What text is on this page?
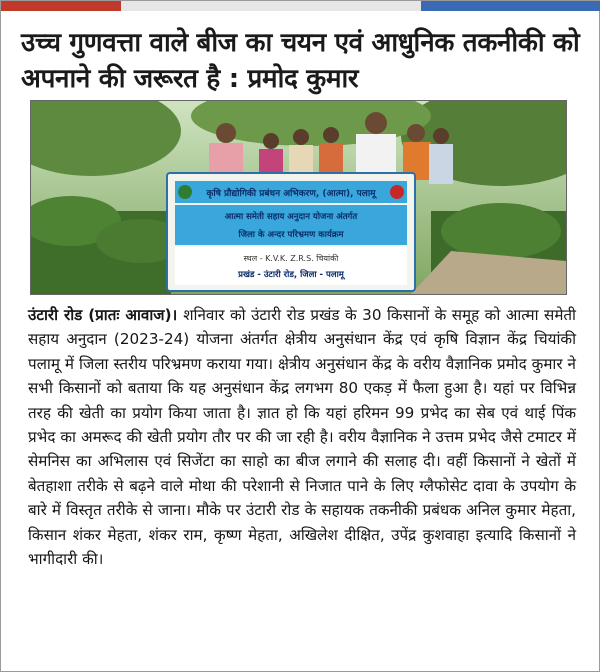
उच्च गुणवत्ता वाले बीज का चयन एवं आधुनिक तकनीकी को अपनाने की जरूरत है : प्रमोद कुमार
कृषि प्रौद्योगिकी प्रबंधन अभिकरण, (आत्मा), पलामू
आत्मा समेती सहाय अनुदान योजना अंतर्गत
जिला के अन्दर परिभ्रमण कार्यक्रम
स्थल - K.V.K. Z.R.S. चियांकी
प्रखंड - उंटारी रोड, जिला - पलामू
उंटारी रोड (प्रातः आवाज)। शनिवार को उंटारी रोड प्रखंड के 30 किसानों के समूह को आत्मा समेती सहाय अनुदान (2023-24) योजना अंतर्गत क्षेत्रीय अनुसंधान केंद्र एवं कृषि विज्ञान केंद्र चियांकी पलामू में जिला स्तरीय परिभ्रमण कराया गया। क्षेत्रीय अनुसंधान केंद्र के वरीय वैज्ञानिक प्रमोद कुमार ने सभी किसानों को बताया कि यह अनुसंधान केंद्र लगभग 80 एकड़ में फैला हुआ है। यहां पर विभिन्न तरह की खेती का प्रयोग किया जाता है। ज्ञात हो कि यहां हरिमन 99 प्रभेद का सेब एवं थाई पिंक प्रभेद का अमरूद की खेती प्रयोग तौर पर की जा रही है। वरीय वैज्ञानिक ने उत्तम प्रभेद जैसे टमाटर में सेमनिस का अभिलास एवं सिजेंटा का साहो का बीज लगाने की सलाह दी। वहीं किसानों ने खेतों में बेतहाशा तरीके से बढ़ने वाले मोथा की परेशानी से निजात पाने के लिए ग्लैफोसेट दावा के उपयोग के बारे में विस्तृत तरीके से जाना। मौके पर उंटारी रोड के सहायक तकनीकी प्रबंधक अनिल कुमार मेहता, किसान शंकर मेहता, शंकर राम, कृष्ण मेहता, अखिलेश दीक्षित, उपेंद्र कुशवाहा इत्यादि किसानों ने भागीदारी की।
